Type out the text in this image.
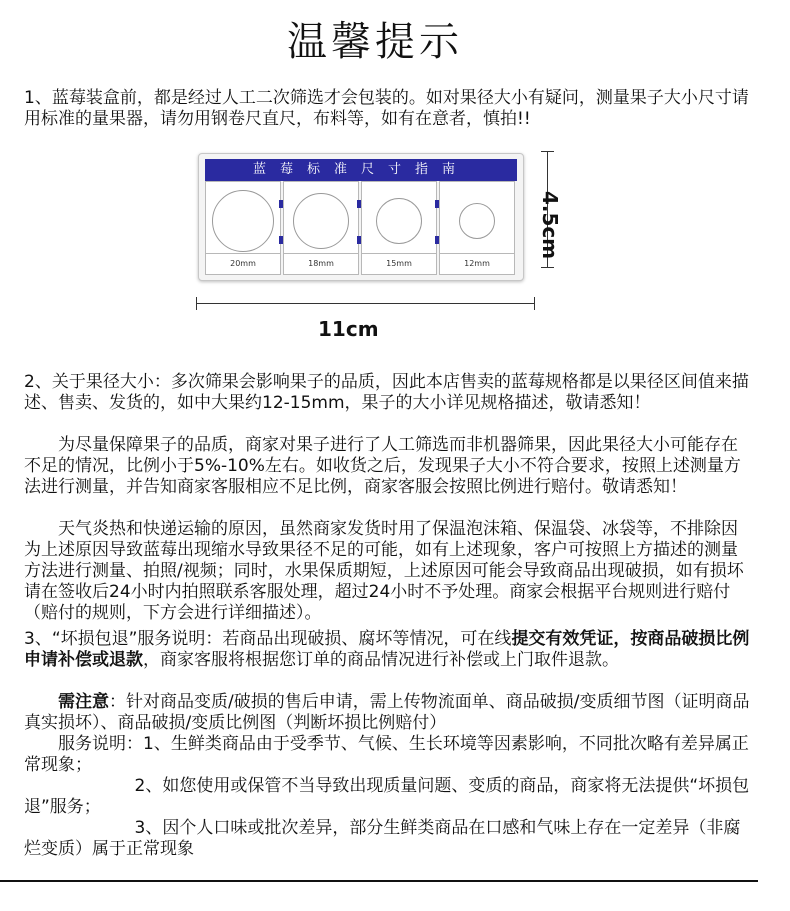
温馨提示

1、蓝莓装盒前，都是经过人工二次筛选才会包装的。如对果径大小有疑问，测量果子大小尺寸请用标准的量果器，请勿用钢卷尺直尺，布料等，如有在意者，慎拍!!

蓝莓标准尺寸指南
20mm	18mm	15mm	12mm
11cm
4.5cm

2、关于果径大小：多次筛果会影响果子的品质，因此本店售卖的蓝莓规格都是以果径区间值来描述、售卖、发货的，如中大果约12-15mm，果子的大小详见规格描述，敬请悉知！

为尽量保障果子的品质，商家对果子进行了人工筛选而非机器筛果，因此果径大小可能存在不足的情况，比例小于5%-10%左右。如收货之后，发现果子大小不符合要求，按照上述测量方法进行测量，并告知商家客服相应不足比例，商家客服会按照比例进行赔付。敬请悉知！

天气炎热和快递运输的原因，虽然商家发货时用了保温泡沫箱、保温袋、冰袋等，不排除因为上述原因导致蓝莓出现缩水导致果径不足的可能，如有上述现象，客户可按照上方描述的测量方法进行测量、拍照/视频；同时，水果保质期短，上述原因可能会导致商品出现破损，如有损坏请在签收后24小时内拍照联系客服处理，超过24小时不予处理。商家会根据平台规则进行赔付（赔付的规则，下方会进行详细描述）。

3、“坏损包退”服务说明：若商品出现破损、腐坏等情况，可在线提交有效凭证，按商品破损比例申请补偿或退款，商家客服将根据您订单的商品情况进行补偿或上门取件退款。

需注意：针对商品变质/破损的售后申请，需上传物流面单、商品破损/变质细节图（证明商品真实损坏）、商品破损/变质比例图（判断坏损比例赔付）

服务说明：1、生鲜类商品由于受季节、气候、生长环境等因素影响，不同批次略有差异属正常现象；

2、如您使用或保管不当导致出现质量问题、变质的商品，商家将无法提供“坏损包退”服务；

3、因个人口味或批次差异，部分生鲜类商品在口感和气味上存在一定差异（非腐烂变质）属于正常现象
